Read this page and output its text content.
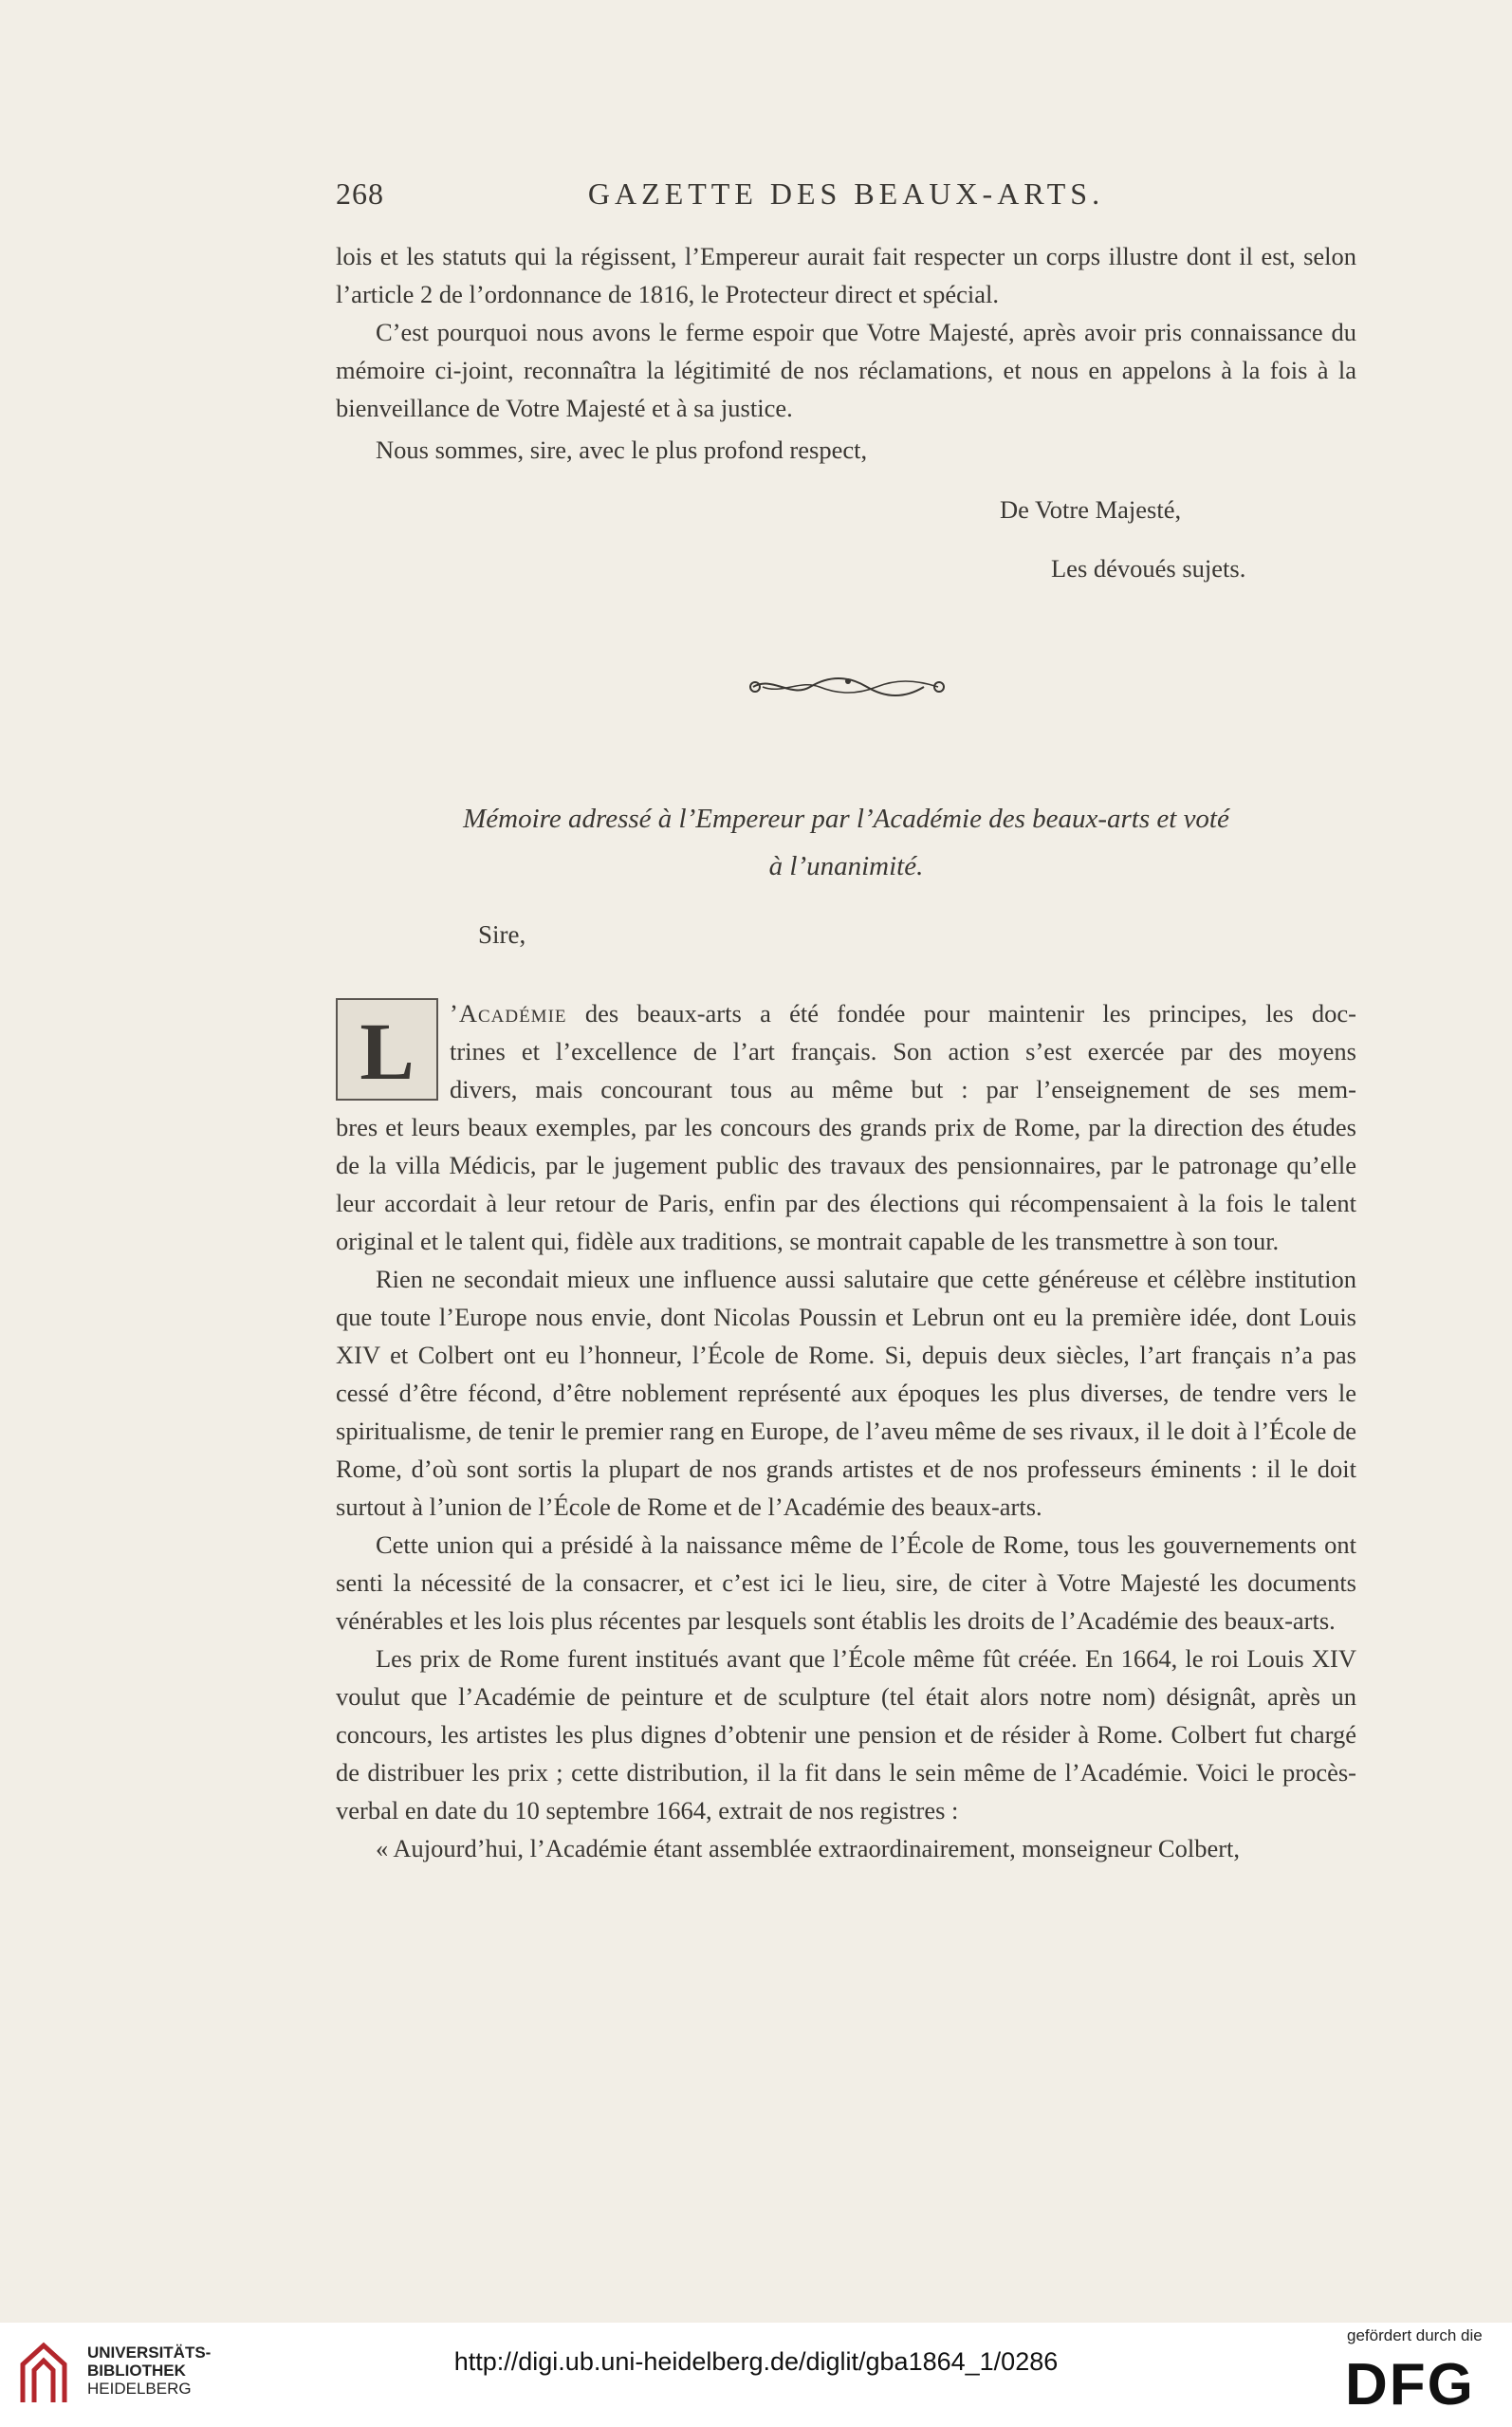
268	GAZETTE DES BEAUX-ARTS.

lois et les statuts qui la régissent, l’Empereur aurait fait respecter un corps illustre dont il est, selon l’article 2 de l’ordonnance de 1816, le Protecteur direct et spécial.

C’est pourquoi nous avons le ferme espoir que Votre Majesté, après avoir pris connaissance du mémoire ci-joint, reconnaîtra la légitimité de nos réclamations, et nous en appelons à la fois à la bienveillance de Votre Majesté et à sa justice.

Nous sommes, sire, avec le plus profond respect,

De Votre Majesté,
Les dévoués sujets.
Mémoire adressé à l’Empereur par l’Académie des beaux-arts et voté
à l’unanimité.
Sire,
L	’Académie des beaux-arts a été fondée pour maintenir les principes, les doc-
trines et l’excellence de l’art français. Son action s’est exercée par des moyens
divers, mais concourant tous au même but : par l’enseignement de ses mem-

bres et leurs beaux exemples, par les concours des grands prix de Rome, par la direction des études de la villa Médicis, par le jugement public des travaux des pensionnaires, par le patronage qu’elle leur accordait à leur retour de Paris, enfin par des élections qui récompensaient à la fois le talent original et le talent qui, fidèle aux traditions, se montrait capable de les transmettre à son tour.

Rien ne secondait mieux une influence aussi salutaire que cette généreuse et célèbre institution que toute l’Europe nous envie, dont Nicolas Poussin et Lebrun ont eu la première idée, dont Louis XIV et Colbert ont eu l’honneur, l’École de Rome. Si, depuis deux siècles, l’art français n’a pas cessé d’être fécond, d’être noblement représenté aux époques les plus diverses, de tendre vers le spiritualisme, de tenir le premier rang en Europe, de l’aveu même de ses rivaux, il le doit à l’École de Rome, d’où sont sortis la plupart de nos grands artistes et de nos professeurs éminents : il le doit surtout à l’union de l’École de Rome et de l’Académie des beaux-arts.

Cette union qui a présidé à la naissance même de l’École de Rome, tous les gouvernements ont senti la nécessité de la consacrer, et c’est ici le lieu, sire, de citer à Votre Majesté les documents vénérables et les lois plus récentes par lesquels sont établis les droits de l’Académie des beaux-arts.

Les prix de Rome furent institués avant que l’École même fût créée. En 1664, le roi Louis XIV voulut que l’Académie de peinture et de sculpture (tel était alors notre nom) désignât, après un concours, les artistes les plus dignes d’obtenir une pension et de résider à Rome. Colbert fut chargé de distribuer les prix ; cette distribution, il la fit dans le sein même de l’Académie. Voici le procès-verbal en date du 10 septembre 1664, extrait de nos registres :

« Aujourd’hui, l’Académie étant assemblée extraordinairement, monseigneur Colbert,

UNIVERSITÄTS-
BIBLIOTHEK
HEIDELBERG
http://digi.ub.uni-heidelberg.de/diglit/gba1864_1/0286
gefördert durch die
DFG
